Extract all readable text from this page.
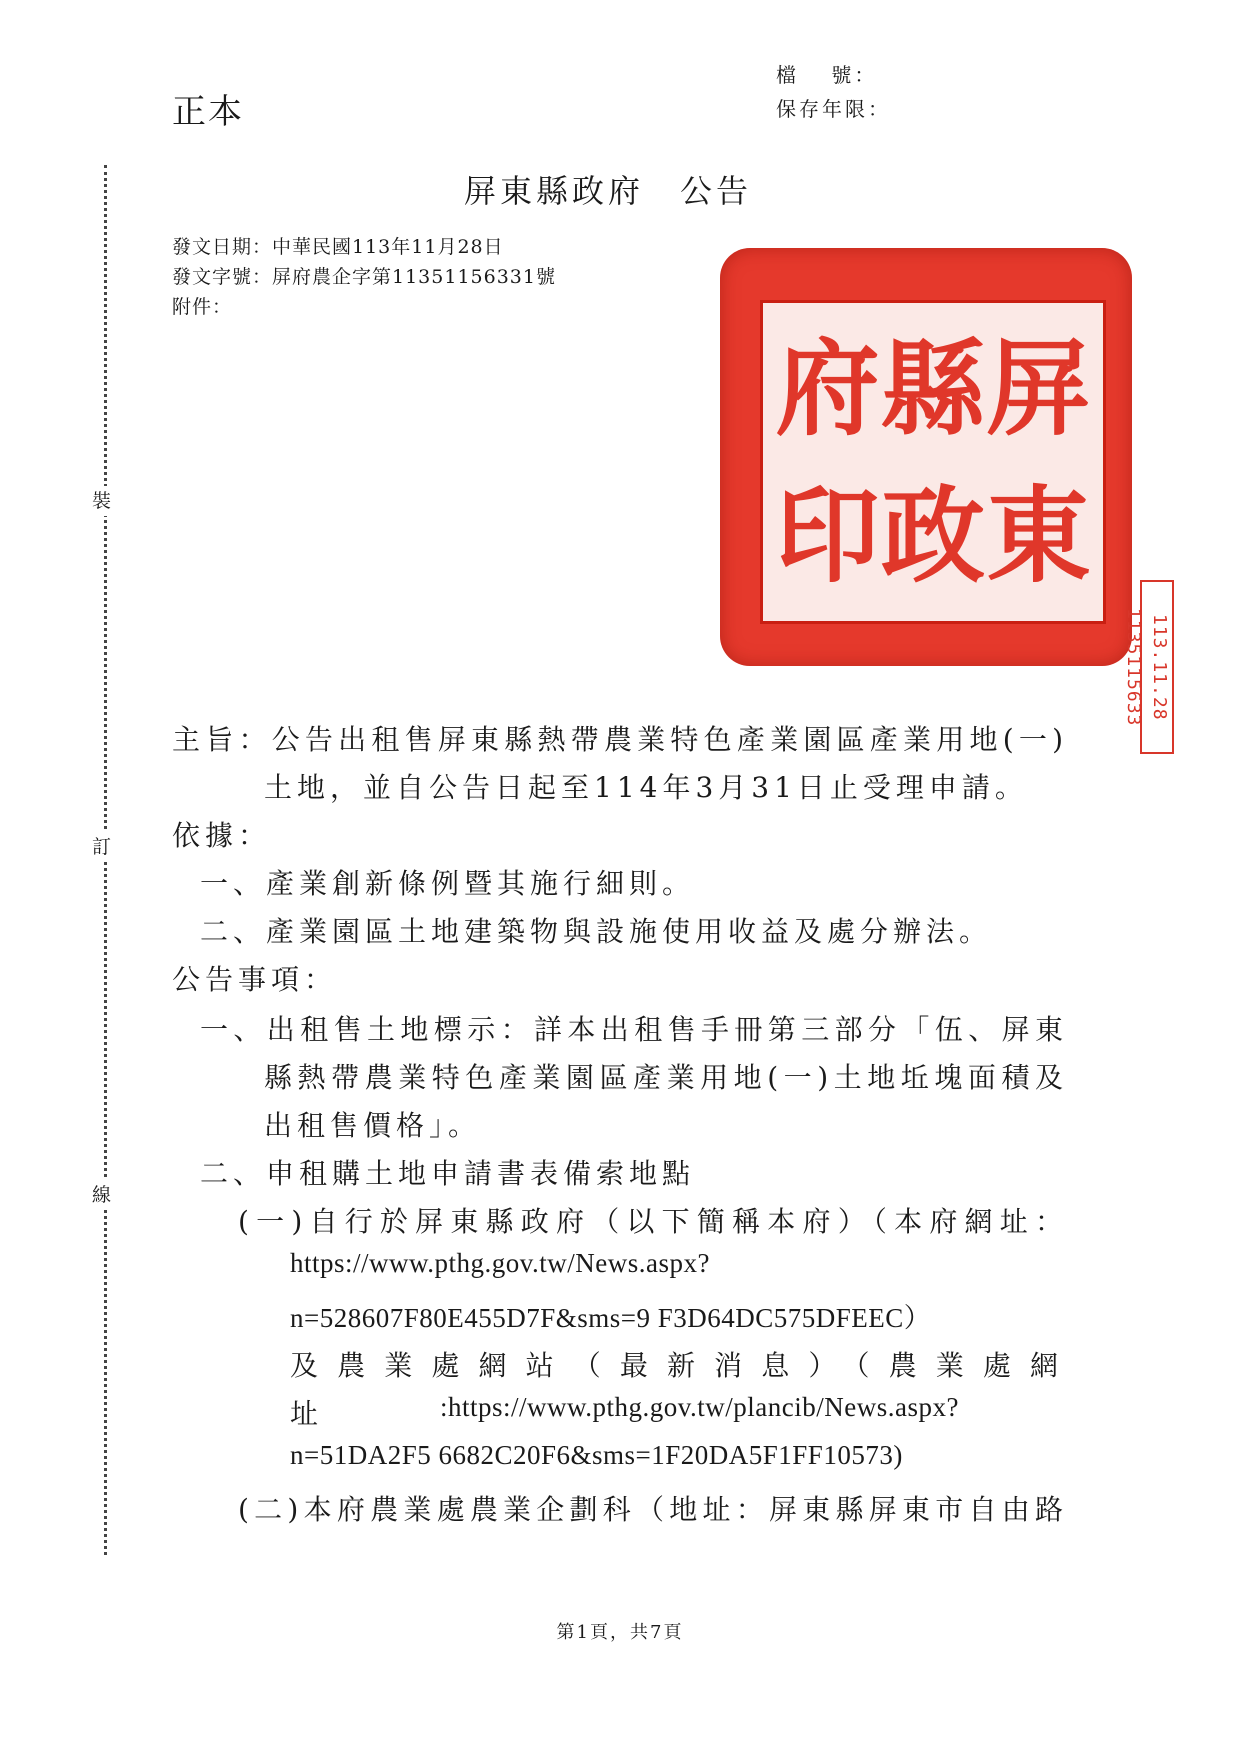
裝
訂
線
正本
檔　 號：
保存年限：
屏東縣政府　公告
發文日期：中華民國113年11月28日
發文字號：屏府農企字第11351156331號
附件：
屏
東
縣
政
府
印
113.11.28 1135115633
主旨：公告出租售屏東縣熱帶農業特色產業園區產業用地(一)
土地，並自公告日起至114年3月31日止受理申請。
依據：
一、產業創新條例暨其施行細則。
二、產業園區土地建築物與設施使用收益及處分辦法。
公告事項：
一、出租售土地標示：詳本出租售手冊第三部分「伍、屏東
縣熱帶農業特色產業園區產業用地(一)土地坵塊面積及
出租售價格」。
二、申租購土地申請書表備索地點
(一)自行於屏東縣政府（以下簡稱本府）（本府網址：
https://www.pthg.gov.tw/News.aspx?
n=528607F80E455D7F&sms=9 F3D64DC575DFEEC）
及農業處網站（最新消息）（農業處網
址	:https://www.pthg.gov.tw/plancib/News.aspx?
n=51DA2F5 6682C20F6&sms=1F20DA5F1FF10573)
(二)本府農業處農業企劃科（地址：屏東縣屏東市自由路
第1頁，共7頁
